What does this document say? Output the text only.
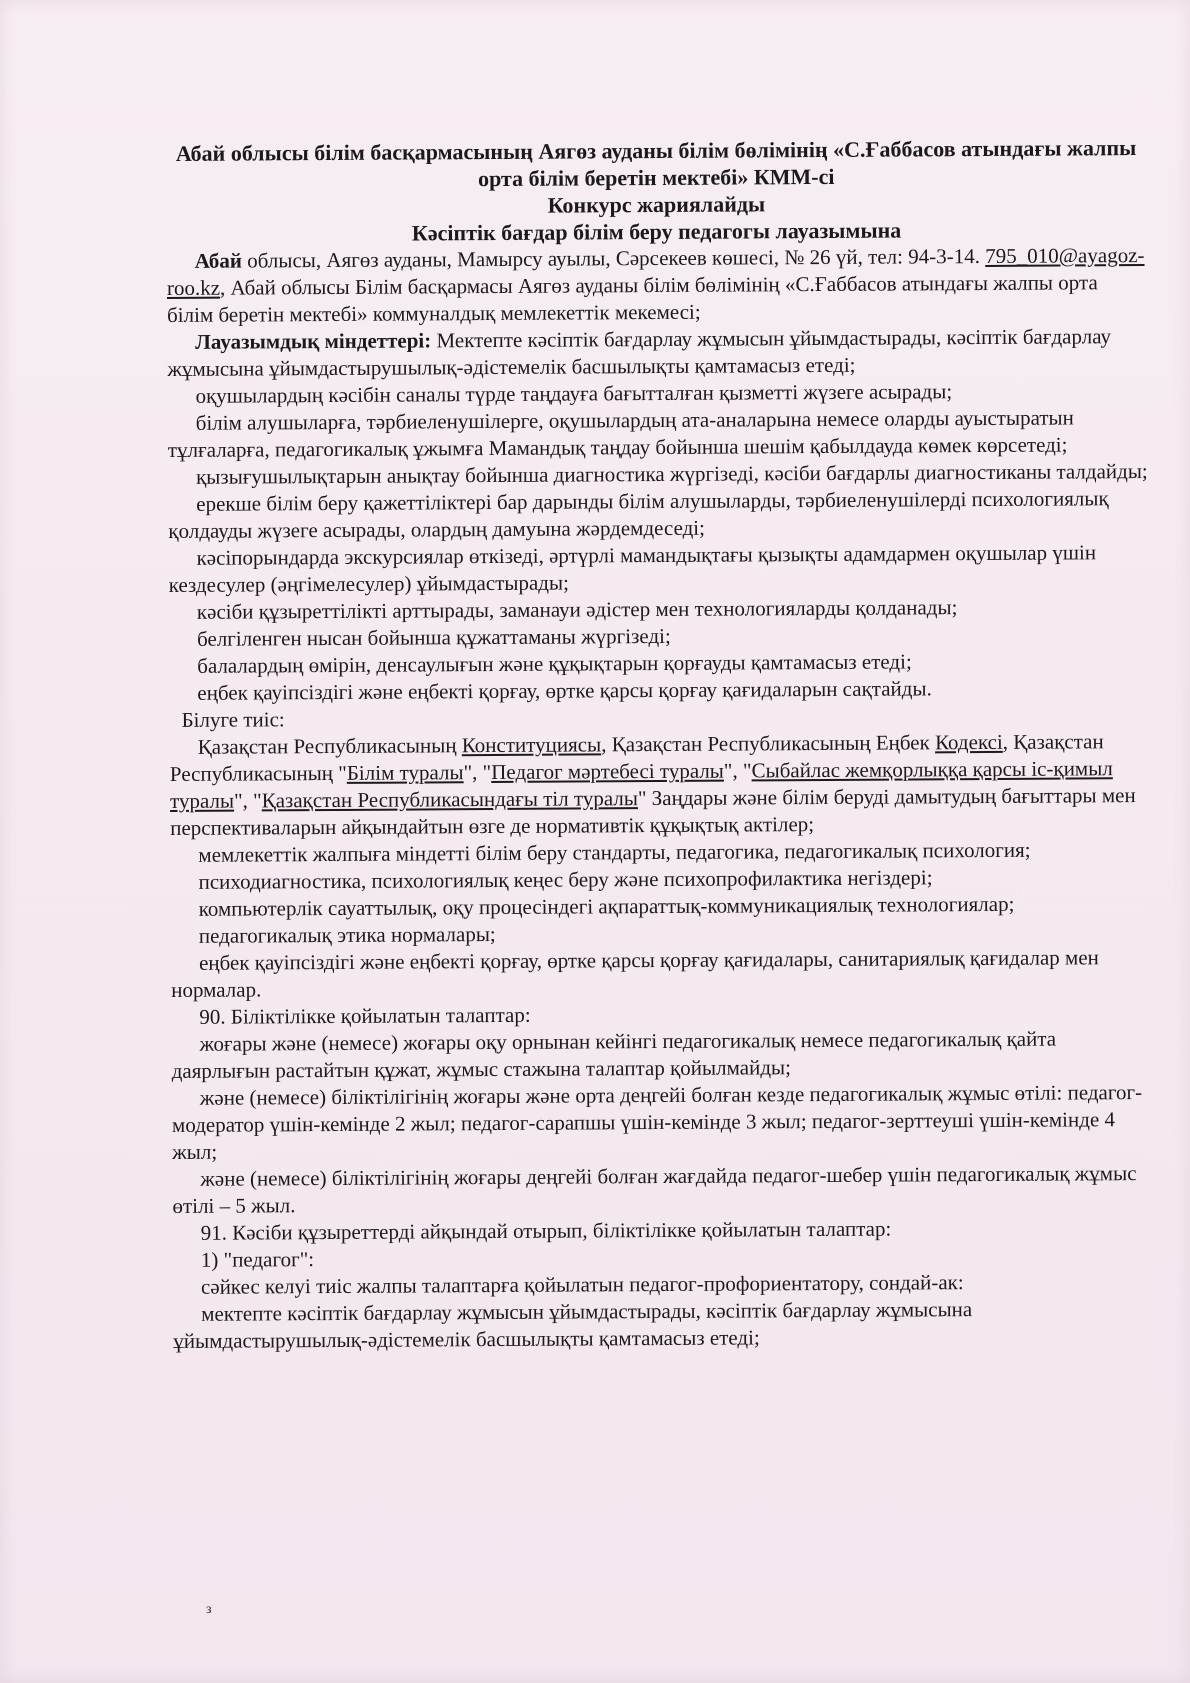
Абай облысы білім басқармасының Аягөз ауданы білім бөлімінің «С.Ғаббасов атындағы жалпы орта білім беретін мектебі» КММ-сі

Конкурс жариялайды

Кәсіптік бағдар білім беру педагогы лауазымына

Абай облысы, Аягөз ауданы, Мамырсу ауылы, Сәрсекеев көшесі, № 26 үй, тел: 94-3-14. 795_010@ayagoz-roo.kz, Абай облысы Білім басқармасы Аягөз ауданы білім бөлімінің «С.Ғаббасов атындағы жалпы орта білім беретін мектебі» коммуналдық мемлекеттік мекемесі;

Лауазымдық міндеттері: Мектепте кәсіптік бағдарлау жұмысын ұйымдастырады, кәсіптік бағдарлау жұмысына ұйымдастырушылық-әдістемелік басшылықты қамтамасыз етеді;

оқушылардың кәсібін саналы түрде таңдауға бағытталған қызметті жүзеге асырады;

білім алушыларға, тәрбиеленушілерге, оқушылардың ата-аналарына немесе оларды ауыстыратын тұлғаларға, педагогикалық ұжымға Мамандық таңдау бойынша шешім қабылдауда көмек көрсетеді;

қызығушылықтарын анықтау бойынша диагностика жүргізеді, кәсіби бағдарлы диагностиканы талдайды;

ерекше білім беру қажеттіліктері бар дарынды білім алушыларды, тәрбиеленушілерді психологиялық қолдауды жүзеге асырады, олардың дамуына жәрдемдеседі;

кәсіпорындарда экскурсиялар өткізеді, әртүрлі мамандықтағы қызықты адамдармен оқушылар үшін кездесулер (әңгімелесулер) ұйымдастырады;

кәсіби құзыреттілікті арттырады, заманауи әдістер мен технологияларды қолданады;

белгіленген нысан бойынша құжаттаманы жүргізеді;

балалардың өмірін, денсаулығын және құқықтарын қорғауды қамтамасыз етеді;

еңбек қауіпсіздігі және еңбекті қорғау, өртке қарсы қорғау қағидаларын сақтайды.

Білуге тиіс:

Қазақстан Республикасының Конституциясы, Қазақстан Республикасының Еңбек Кодексі, Қазақстан Республикасының "Білім туралы", "Педагог мәртебесі туралы", "Сыбайлас жемқорлыққа қарсы іс-қимыл туралы", "Қазақстан Республикасындағы тіл туралы" Заңдары және білім беруді дамытудың бағыттары мен перспективаларын айқындайтын өзге де нормативтік құқықтық актілер;

мемлекеттік жалпыға міндетті білім беру стандарты, педагогика, педагогикалық психология;

психодиагностика, психологиялық кеңес беру және психопрофилактика негіздері;

компьютерлік сауаттылық, оқу процесіндегі ақпараттық-коммуникациялық технологиялар;

педагогикалық этика нормалары;

еңбек қауіпсіздігі және еңбекті қорғау, өртке қарсы қорғау қағидалары, санитариялық қағидалар мен нормалар.

90. Біліктілікке қойылатын талаптар:

жоғары және (немесе) жоғары оқу орнынан кейінгі педагогикалық немесе педагогикалық қайта даярлығын растайтын құжат, жұмыс стажына талаптар қойылмайды;

және (немесе) біліктілігінің жоғары және орта деңгейі болған кезде педагогикалық жұмыс өтілі: педагог-модератор үшін-кемінде 2 жыл; педагог-сарапшы үшін-кемінде 3 жыл; педагог-зерттеуші үшін-кемінде 4 жыл;

және (немесе) біліктілігінің жоғары деңгейі болған жағдайда педагог-шебер үшін педагогикалық жұмыс өтілі – 5 жыл.

91. Кәсіби құзыреттерді айқындай отырып, біліктілікке қойылатын талаптар:

1) "педагог":

сәйкес келуі тиіс жалпы талаптарға қойылатын педагог-профориентатору, сондай-ак:

мектепте кәсіптік бағдарлау жұмысын ұйымдастырады, кәсіптік бағдарлау жұмысына ұйымдастырушылық-әдістемелік басшылықты қамтамасыз етеді;

з
